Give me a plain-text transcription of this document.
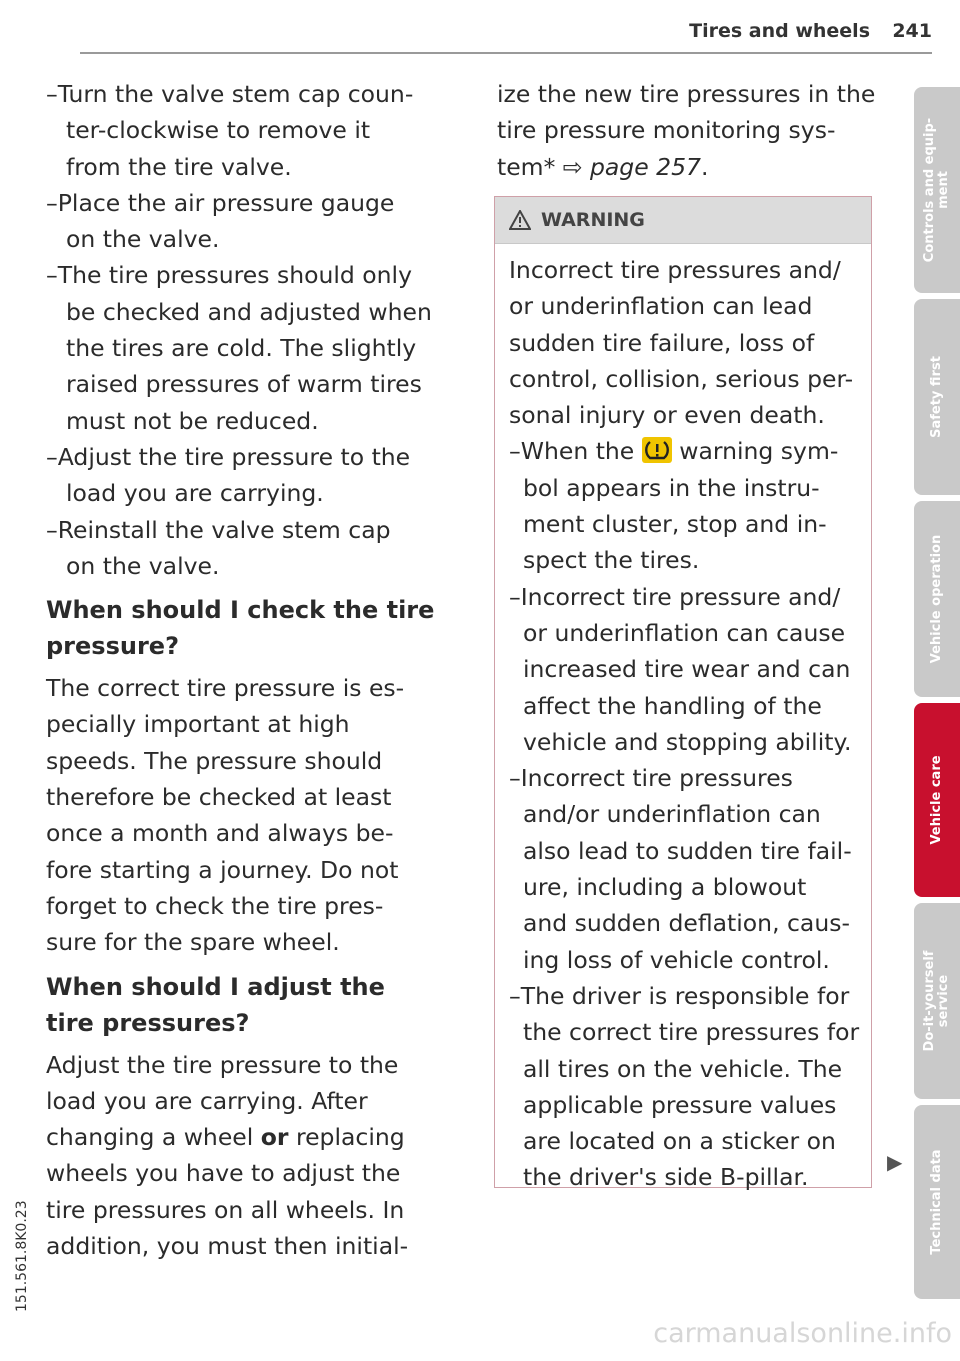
Tires and wheels 241
–Turn the valve stem cap coun-
ter-clockwise to remove it
from the tire valve.
–Place the air pressure gauge
on the valve.
–The tire pressures should only
be checked and adjusted when
the tires are cold. The slightly
raised pressures of warm tires
must not be reduced.
–Adjust the tire pressure to the
load you are carrying.
–Reinstall the valve stem cap
on the valve.
When should I check the tire
pressure?
The correct tire pressure is es-
pecially important at high
speeds. The pressure should
therefore be checked at least
once a month and always be-
fore starting a journey. Do not
forget to check the tire pres-
sure for the spare wheel.
When should I adjust the
tire pressures?
Adjust the tire pressure to the
load you are carrying. After
changing a wheel or replacing
wheels you have to adjust the
tire pressures on all wheels. In
addition, you must then initial-
ize the new tire pressures in the
tire pressure monitoring sys-
tem* ⇨ page 257.
WARNING
Incorrect tire pressures and/
or underinflation can lead
sudden tire failure, loss of
control, collision, serious per-
sonal injury or even death.
–When the  warning sym-
bol appears in the instru-
ment cluster, stop and in-
spect the tires.
–Incorrect tire pressure and/
or underinflation can cause
increased tire wear and can
affect the handling of the
vehicle and stopping ability.
–Incorrect tire pressures
and/or underinflation can
also lead to sudden tire fail-
ure, including a blowout
and sudden deflation, caus-
ing loss of vehicle control.
–The driver is responsible for
the correct tire pressures for
all tires on the vehicle. The
applicable pressure values
are located on a sticker on
the driver's side B-pillar.
▶
Controls and equip-
ment
Safety first
Vehicle operation
Vehicle care
Do-it-yourself
service
Technical data
151.561.8K0.23
carmanualsonline.info
